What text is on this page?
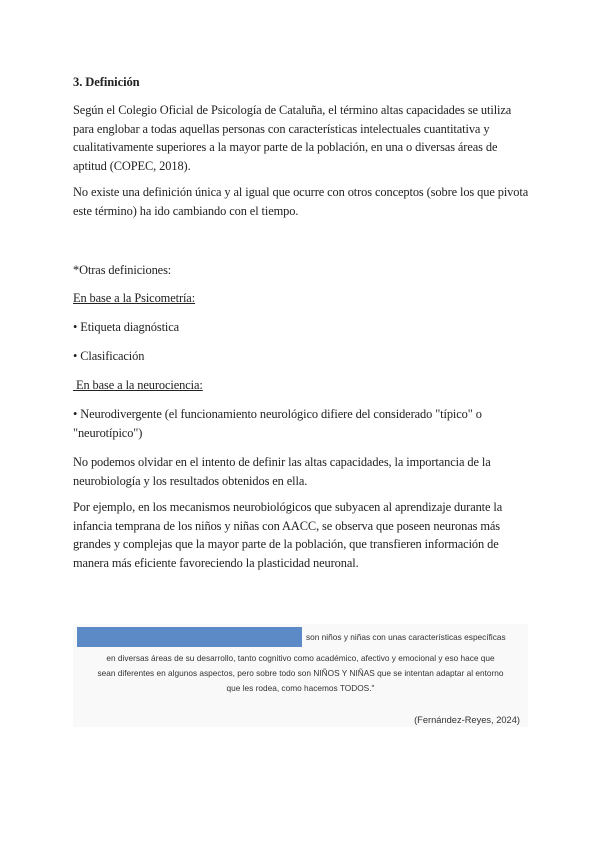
3. Definición

Según el Colegio Oficial de Psicología de Cataluña, el término altas capacidades se utiliza para englobar a todas aquellas personas con características intelectuales cuantitativa y cualitativamente superiores a la mayor parte de la población, en una o diversas áreas de aptitud (COPEC, 2018).

No existe una definición única y al igual que ocurre con otros conceptos (sobre los que pivota este término) ha ido cambiando con el tiempo.

*Otras definiciones:

En base a la Psicometría:

• Etiqueta diagnóstica

• Clasificación

En base a la neurociencia:

• Neurodivergente (el funcionamiento neurológico difiere del considerado "típico" o "neurotípico")

No podemos olvidar en el intento de definir las altas capacidades, la importancia de la neurobiología y los resultados obtenidos en ella.

Por ejemplo, en los mecanismos neurobiológicos que subyacen al aprendizaje durante la infancia temprana de los niños y niñas con AACC, se observa que poseen neuronas más grandes y complejas que la mayor parte de la población, que transfieren información de manera más eficiente favoreciendo la plasticidad neuronal.

son niños y niñas con unas características específicas

en diversas áreas de su desarrollo, tanto cognitivo como académico, afectivo y emocional y eso hace que

sean diferentes en algunos aspectos, pero sobre todo son NIÑOS Y NIÑAS que se intentan adaptar al entorno

que les rodea, como hacemos TODOS."

(Fernández-Reyes, 2024)
